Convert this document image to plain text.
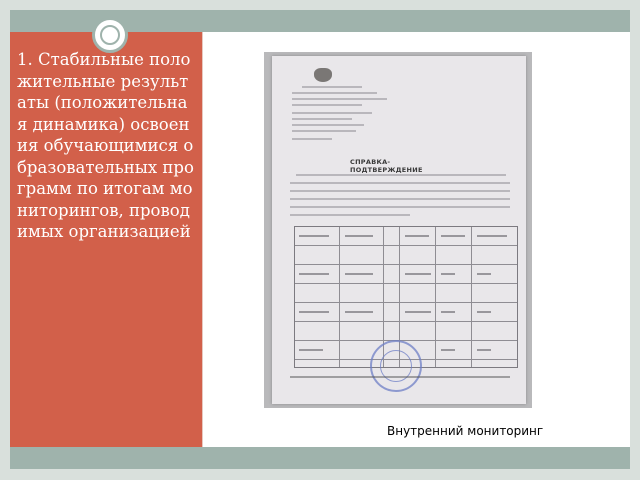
1. Стабильные положительные результаты (положительная динамика) освоения обучающимися образовательных программ по итогам мониторингов, проводимых организацией
СПРАВКА-ПОДТВЕРЖДЕНИЕ
Внутренний мониторинг
